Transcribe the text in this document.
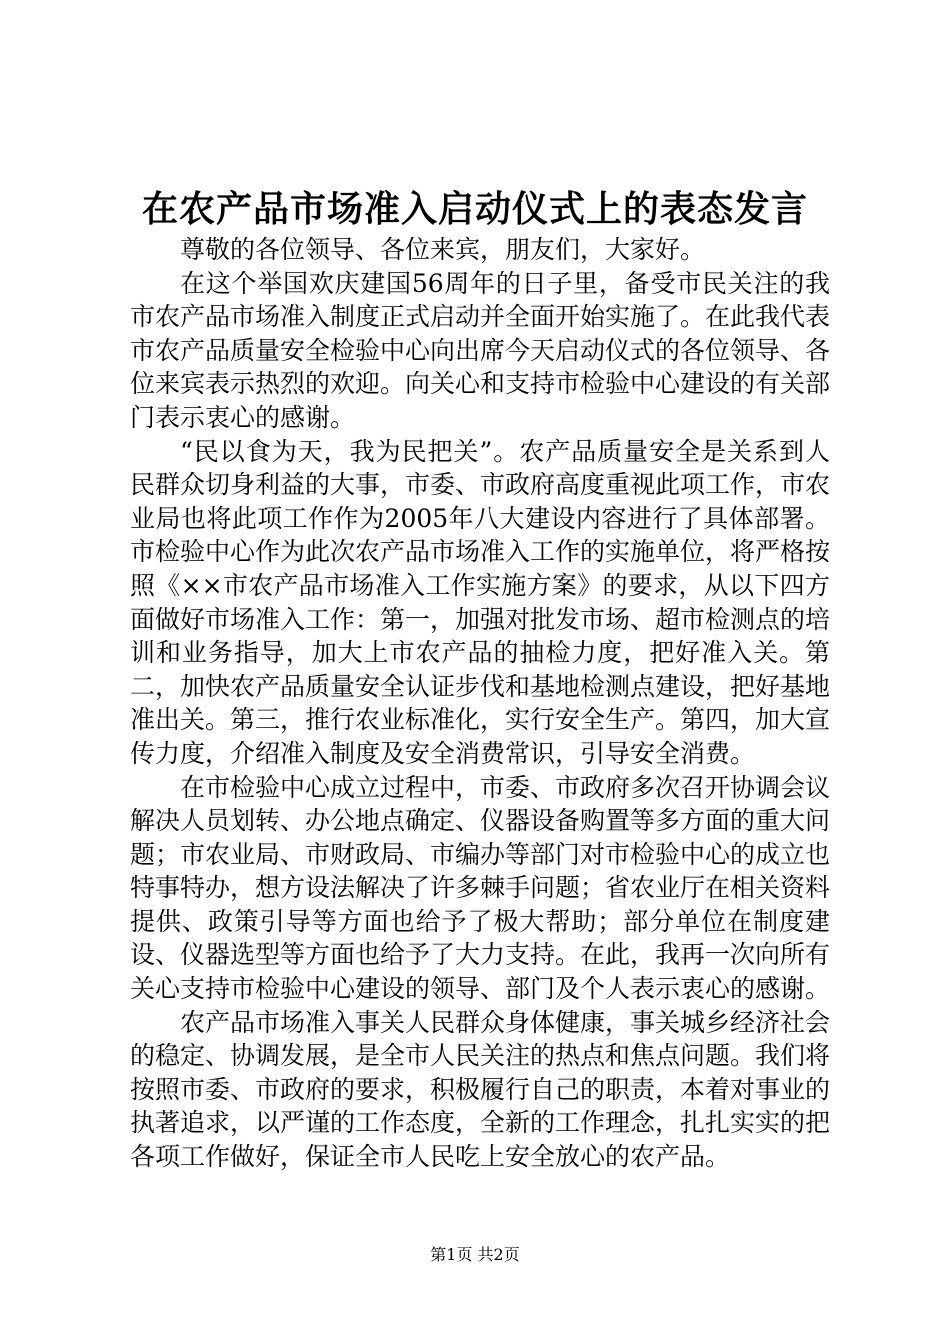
在农产品市场准入启动仪式上的表态发言

尊敬的各位领导、各位来宾，朋友们，大家好。

在这个举国欢庆建国56周年的日子里，备受市民关注的我市农产品市场准入制度正式启动并全面开始实施了。在此我代表市农产品质量安全检验中心向出席今天启动仪式的各位领导、各位来宾表示热烈的欢迎。向关心和支持市检验中心建设的有关部门表示衷心的感谢。

“民以食为天，我为民把关”。农产品质量安全是关系到人民群众切身利益的大事，市委、市政府高度重视此项工作，市农业局也将此项工作作为2005年八大建设内容进行了具体部署。市检验中心作为此次农产品市场准入工作的实施单位，将严格按照《××市农产品市场准入工作实施方案》的要求，从以下四方面做好市场准入工作：第一，加强对批发市场、超市检测点的培训和业务指导，加大上市农产品的抽检力度，把好准入关。第二，加快农产品质量安全认证步伐和基地检测点建设，把好基地准出关。第三，推行农业标准化，实行安全生产。第四，加大宣传力度，介绍准入制度及安全消费常识，引导安全消费。

在市检验中心成立过程中，市委、市政府多次召开协调会议解决人员划转、办公地点确定、仪器设备购置等多方面的重大问题；市农业局、市财政局、市编办等部门对市检验中心的成立也特事特办，想方设法解决了许多棘手问题；省农业厅在相关资料提供、政策引导等方面也给予了极大帮助；部分单位在制度建设、仪器选型等方面也给予了大力支持。在此，我再一次向所有关心支持市检验中心建设的领导、部门及个人表示衷心的感谢。

农产品市场准入事关人民群众身体健康，事关城乡经济社会的稳定、协调发展，是全市人民关注的热点和焦点问题。我们将按照市委、市政府的要求，积极履行自己的职责，本着对事业的执著追求，以严谨的工作态度，全新的工作理念，扎扎实实的把各项工作做好，保证全市人民吃上安全放心的农产品。

第1页 共2页
